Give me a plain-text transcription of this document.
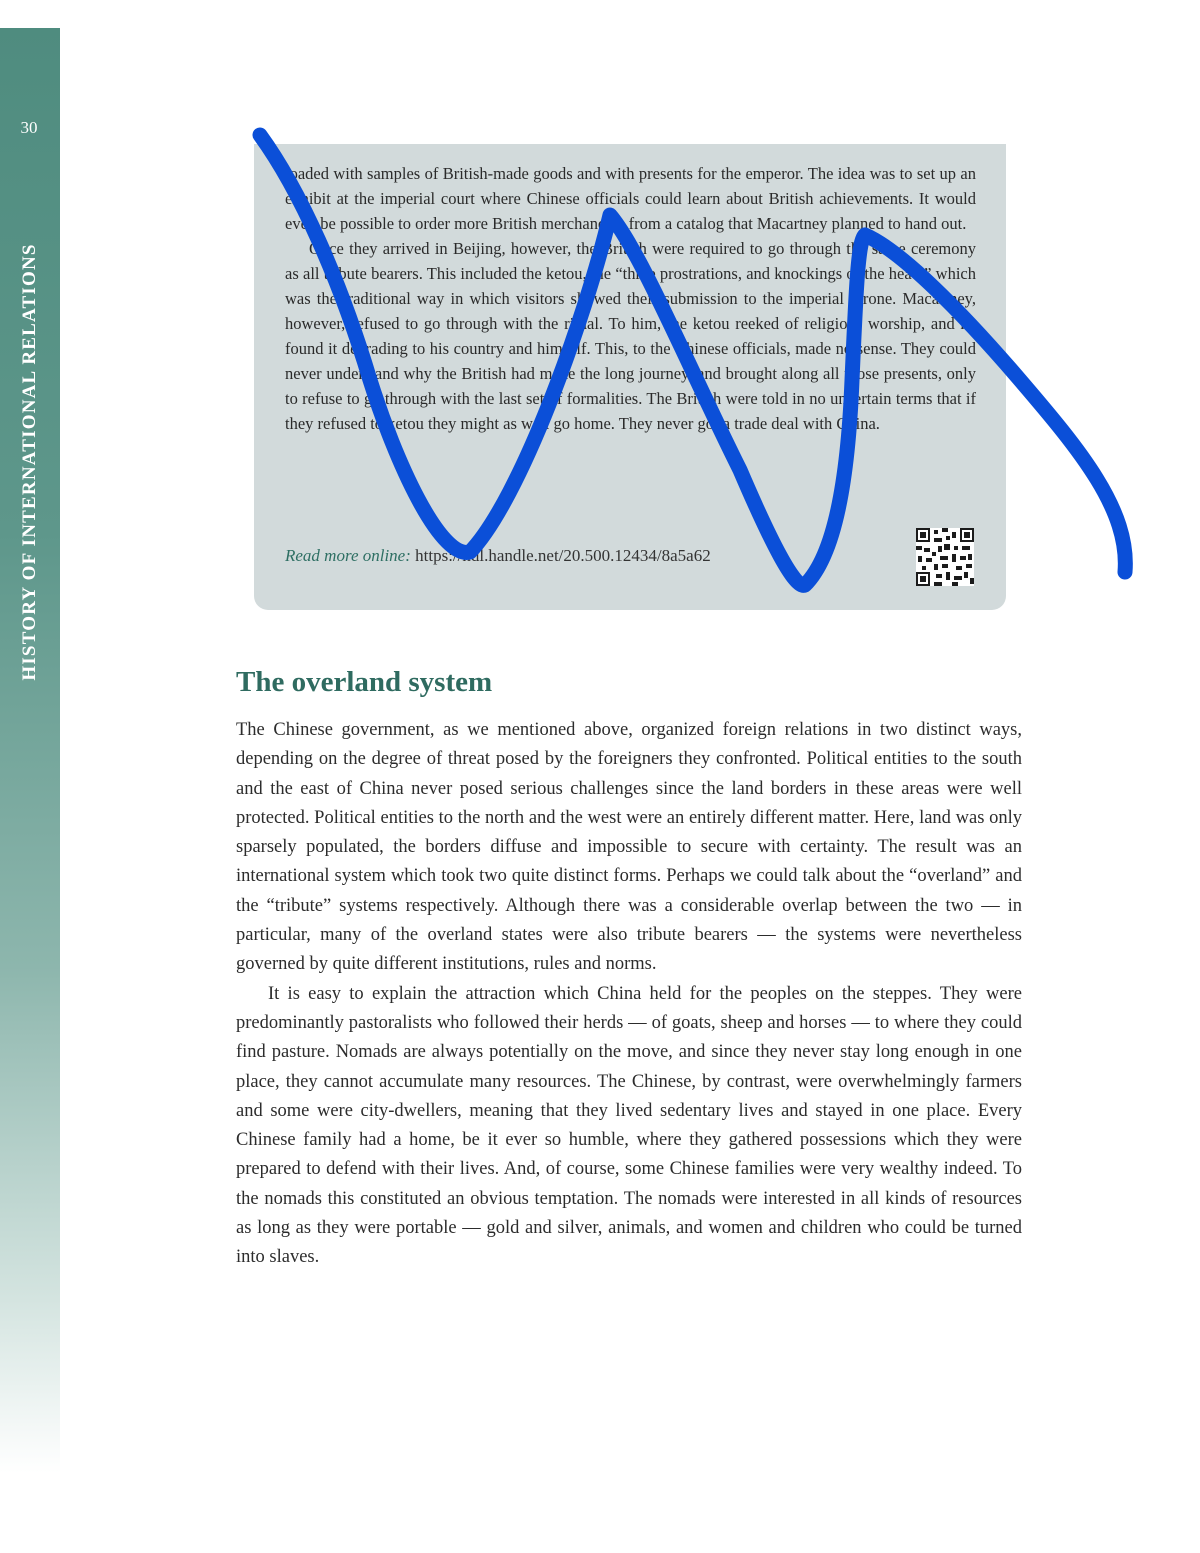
30
HISTORY OF INTERNATIONAL RELATIONS

loaded with samples of British-made goods and with presents for the emperor. The idea was to set up an exhibit at the imperial court where Chinese officials could learn about British achievements. It would even be possible to order more British merchandise from a catalog that Macartney planned to hand out.

Once they arrived in Beijing, however, the British were required to go through the same ceremony as all tribute bearers. This included the ketou, the “three prostrations, and knockings of the head,” which was the traditional way in which visitors showed their submission to the imperial throne. Macartney, however, refused to go through with the ritual. To him, the ketou reeked of religious worship, and he found it degrading to his country and himself. This, to the Chinese officials, made no sense. They could never understand why the British had made the long journey, and brought along all those presents, only to refuse to go through with the last set of formalities. The British were told in no uncertain terms that if they refused to ketou they might as well go home. They never got a trade deal with China.

Read more online: https://hdl.handle.net/20.500.12434/8a5a62
The overland system

The Chinese government, as we mentioned above, organized foreign relations in two distinct ways, depending on the degree of threat posed by the foreigners they confronted. Political entities to the south and the east of China never posed serious challenges since the land borders in these areas were well protected. Political entities to the north and the west were an entirely different matter. Here, land was only sparsely populated, the borders diffuse and impossible to secure with certainty. The result was an international system which took two quite distinct forms. Perhaps we could talk about the “overland” and the “tribute” systems respectively. Although there was a considerable overlap between the two — in particular, many of the overland states were also tribute bearers — the systems were nevertheless governed by quite different institutions, rules and norms.

It is easy to explain the attraction which China held for the peoples on the steppes. They were predominantly pastoralists who followed their herds — of goats, sheep and horses — to where they could find pasture. Nomads are always potentially on the move, and since they never stay long enough in one place, they cannot accumulate many resources. The Chinese, by contrast, were overwhelmingly farmers and some were city-dwellers, meaning that they lived sedentary lives and stayed in one place. Every Chinese family had a home, be it ever so humble, where they gathered possessions which they were prepared to defend with their lives. And, of course, some Chinese families were very wealthy indeed. To the nomads this constituted an obvious temptation. The nomads were interested in all kinds of resources as long as they were portable — gold and silver, animals, and women and children who could be turned into slaves.
